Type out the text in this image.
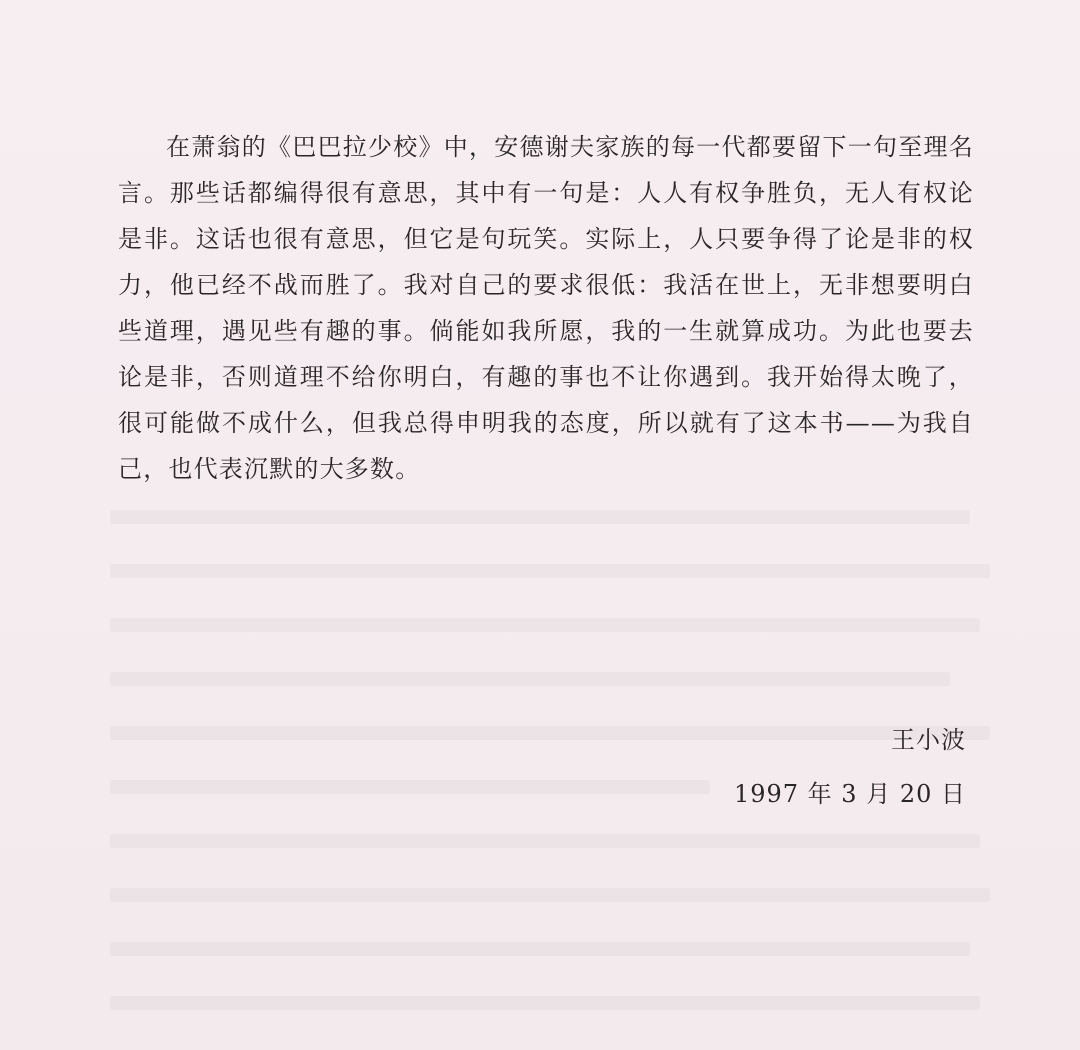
在萧翁的《巴巴拉少校》中，安德谢夫家族的每一代都要留下一句至理名言。那些话都编得很有意思，其中有一句是：人人有权争胜负，无人有权论是非。这话也很有意思，但它是句玩笑。实际上，人只要争得了论是非的权力，他已经不战而胜了。我对自己的要求很低：我活在世上，无非想要明白些道理，遇见些有趣的事。倘能如我所愿，我的一生就算成功。为此也要去论是非，否则道理不给你明白，有趣的事也不让你遇到。我开始得太晚了，很可能做不成什么，但我总得申明我的态度，所以就有了这本书——为我自己，也代表沉默的大多数。

王小波
1997 年 3 月 20 日
